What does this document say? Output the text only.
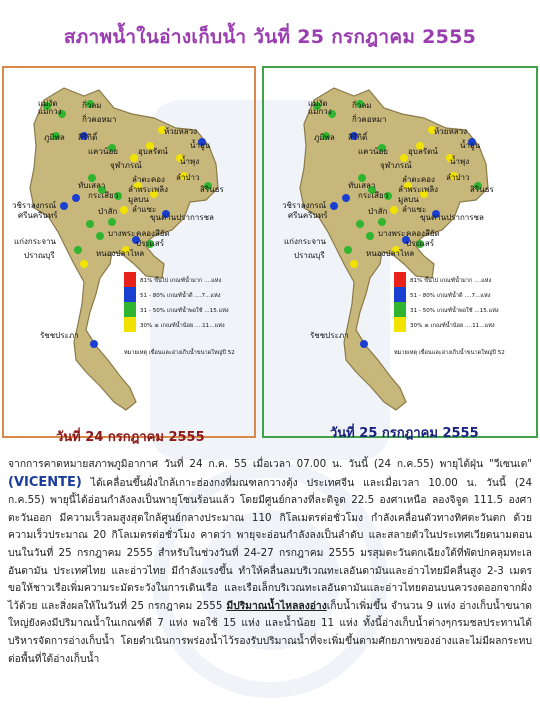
สภาพน้ำในอ่างเก็บน้ำ วันที่ 25 กรกฎาคม 2555
แม่งัด
แม่กวง
กิ่วลม
กิ่วคอหมา
ภูมิพล สิริกิติ์
แควน้อย
ห้วยหลวง
น้ำอูน
อุบลรัตน์
จุฬาภรณ์	น้ำพุง
ลำปาว
ทับเสลา
กระเสียว
ป่าสัก
ลำตะคอง
ลำพระเพลิง
มูลบน
ลำแซะ
สิรินธร
วชิราลงกรณ์
ศรีนครินทร์	ขุนด่านปราการชล
แก่งกระจาน
ปราณบุรี
คลองสียัด
บางพระ
ประแสร์
หนองปลาไหล
รัชชประภา
81% ขึ้นไป เกณฑ์น้ำมาก ....แห่ง
51 - 80% เกณฑ์น้ำดี ....7...แห่ง
31 - 50% เกณฑ์น้ำพอใช้ ...15.แห่ง
30% ≤ เกณฑ์น้ำน้อย ....11...แห่ง
หมายเหตุ เขื่อนและอ่างเก็บน้ำขนาดใหญ่ปี 52
แม่งัด
แม่กวง
กิ่วลม
กิ่วคอหมา
ภูมิพล สิริกิติ์
แควน้อย
ห้วยหลวง
น้ำอูน
อุบลรัตน์
จุฬาภรณ์	น้ำพุง
ลำปาว
ทับเสลา
กระเสียว
ป่าสัก
ลำตะคอง
ลำพระเพลิง
มูลบน
ลำแซะ
สิรินธร
วชิราลงกรณ์
ศรีนครินทร์	ขุนด่านปราการชล
แก่งกระจาน
ปราณบุรี
คลองสียัด
บางพระ
ประแสร์
หนองปลาไหล
รัชชประภา
81% ขึ้นไป เกณฑ์น้ำมาก ....แห่ง
51 - 80% เกณฑ์น้ำดี ....7...แห่ง
31 - 50% เกณฑ์น้ำพอใช้ ...15.แห่ง
30% ≤ เกณฑ์น้ำน้อย ....11...แห่ง
หมายเหตุ เขื่อนและอ่างเก็บน้ำขนาดใหญ่ปี 52
วันที่ 24 กรกฎาคม 2555	วันที่ 25 กรกฎาคม 2555
จากการคาดหมายสภาพภูมิอากาศ วันที่ 24 ก.ค. 55 เมื่อเวลา 07.00 น. วันนี้ (24 ก.ค.55) พายุไต้ฝุ่น "วีเซนเต" (VICENTE) ได้เคลื่อนขึ้นฝั่งใกล้เกาะฮ่องกงที่มณฑลกวางตุ้ง ประเทศจีน และเมื่อเวลา 10.00 น. วันนี้ (24 ก.ค.55) พายุนี้ได้อ่อนกำลังลงเป็นพายุโซนร้อนแล้ว โดยมีศูนย์กลางที่ละติจูด 22.5 องศาเหนือ ลองจิจูด 111.5 องศาตะวันออก มีความเร็วลมสูงสุดใกล้ศูนย์กลางประมาณ 110 กิโลเมตรต่อชั่วโมง กำลังเคลื่อนตัวทางทิศตะวันตก ด้วยความเร็วประมาณ 20 กิโลเมตรต่อชั่วโมง คาดว่า พายุจะอ่อนกำลังลงเป็นลำดับ และสลายตัวในประเทศเวียดนามตอนบนในวันที่ 25 กรกฎาคม 2555 สำหรับในช่วงวันที่ 24-27 กรกฎาคม 2555 มรสุมตะวันตกเฉียงใต้ที่พัดปกคลุมทะเลอันดามัน ประเทศไทย และอ่าวไทย มีกำลังแรงขึ้น ทำให้คลื่นลมบริเวณทะเลอันดามันและอ่าวไทยมีคลื่นสูง 2-3 เมตร ขอให้ชาวเรือเพิ่มความระมัดระวังในการเดินเรือ และเรือเล็กบริเวณทะเลอันดามันและอ่าวไทยตอนบนควรงดออกจากฝั่งไว้ด้วย และสิ่งผลให้ในวันที่ 25 กรกฎาคม 2555 มีปริมาณน้ำไหลลงอ่างเก็บน้ำเพิ่มขึ้น จำนวน 9 แห่ง อ่างเก็บน้ำขนาดใหญ่ยังคงมีปริมาณน้ำในเกณฑ์ดี 7 แห่ง พอใช้ 15 แห่ง และน้ำน้อย 11 แห่ง ทั้งนี้อ่างเก็บน้ำต่างๆกรมชลประทานได้บริหารจัดการอ่างเก็บน้ำ โดยดำเนินการพร่องน้ำไว้รองรับปริมาณน้ำที่จะเพิ่มขึ้นตามศักยภาพของอ่างและไม่มีผลกระทบต่อพื้นที่ใต้อ่างเก็บน้ำ
